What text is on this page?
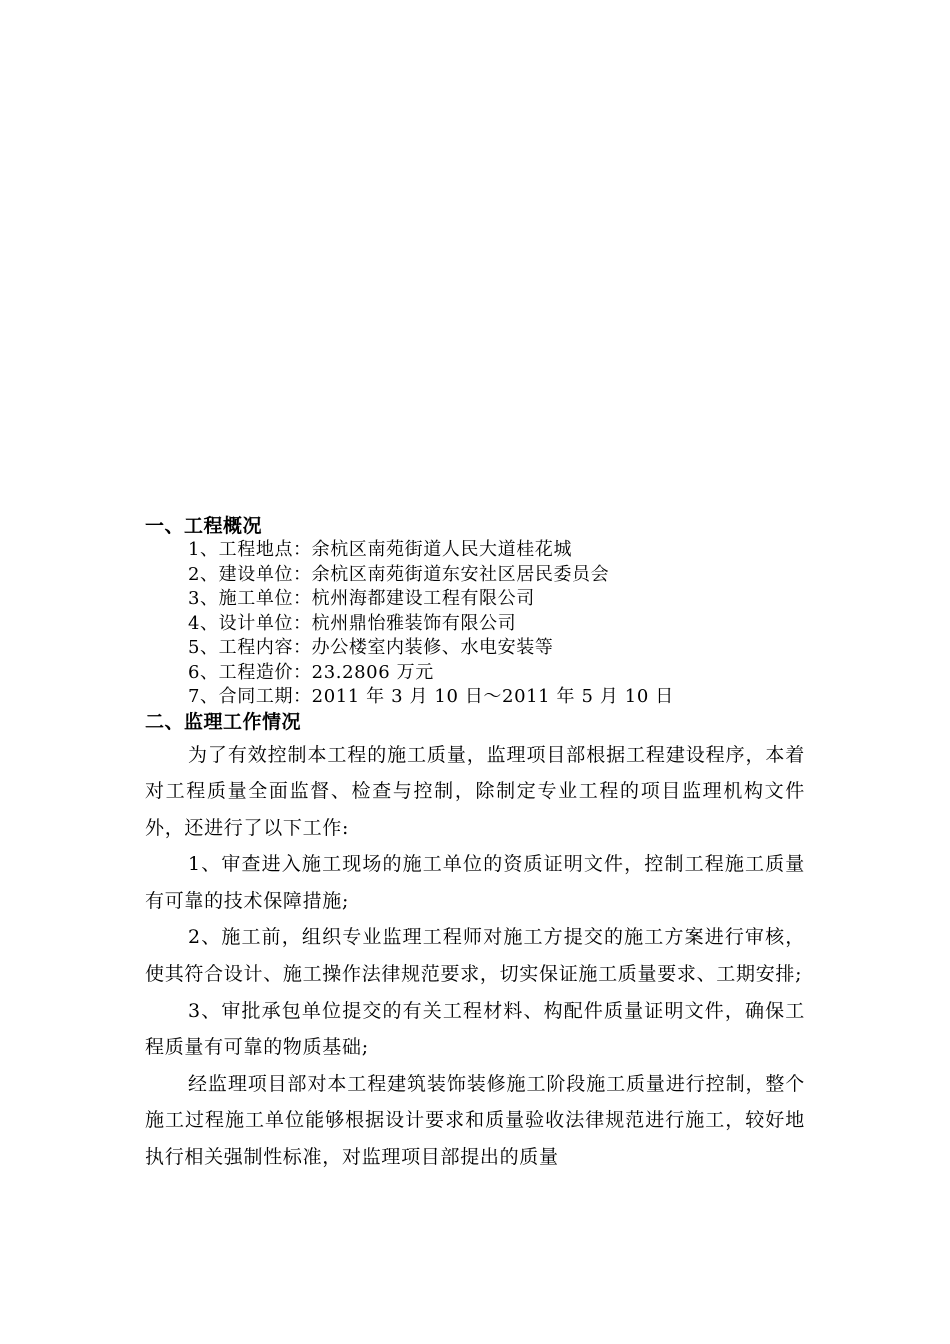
一、工程概况
1、工程地点：余杭区南苑街道人民大道桂花城
2、建设单位：余杭区南苑街道东安社区居民委员会
3、施工单位：杭州海都建设工程有限公司
4、设计单位：杭州鼎怡雅装饰有限公司
5、工程内容：办公楼室内装修、水电安装等
6、工程造价：23.2806 万元
7、合同工期：2011 年 3 月 10 日～2011 年 5 月 10 日
二、监理工作情况

为了有效控制本工程的施工质量，监理项目部根据工程建设程序，本着对工程质量全面监督、检查与控制，除制定专业工程的项目监理机构文件外，还进行了以下工作:

1、审查进入施工现场的施工单位的资质证明文件，控制工程施工质量有可靠的技术保障措施;

2、施工前，组织专业监理工程师对施工方提交的施工方案进行审核，使其符合设计、施工操作法律规范要求，切实保证施工质量要求、工期安排;

3、审批承包单位提交的有关工程材料、构配件质量证明文件，确保工程质量有可靠的物质基础;

经监理项目部对本工程建筑装饰装修施工阶段施工质量进行控制，整个施工过程施工单位能够根据设计要求和质量验收法律规范进行施工，较好地执行相关强制性标准，对监理项目部提出的质量
